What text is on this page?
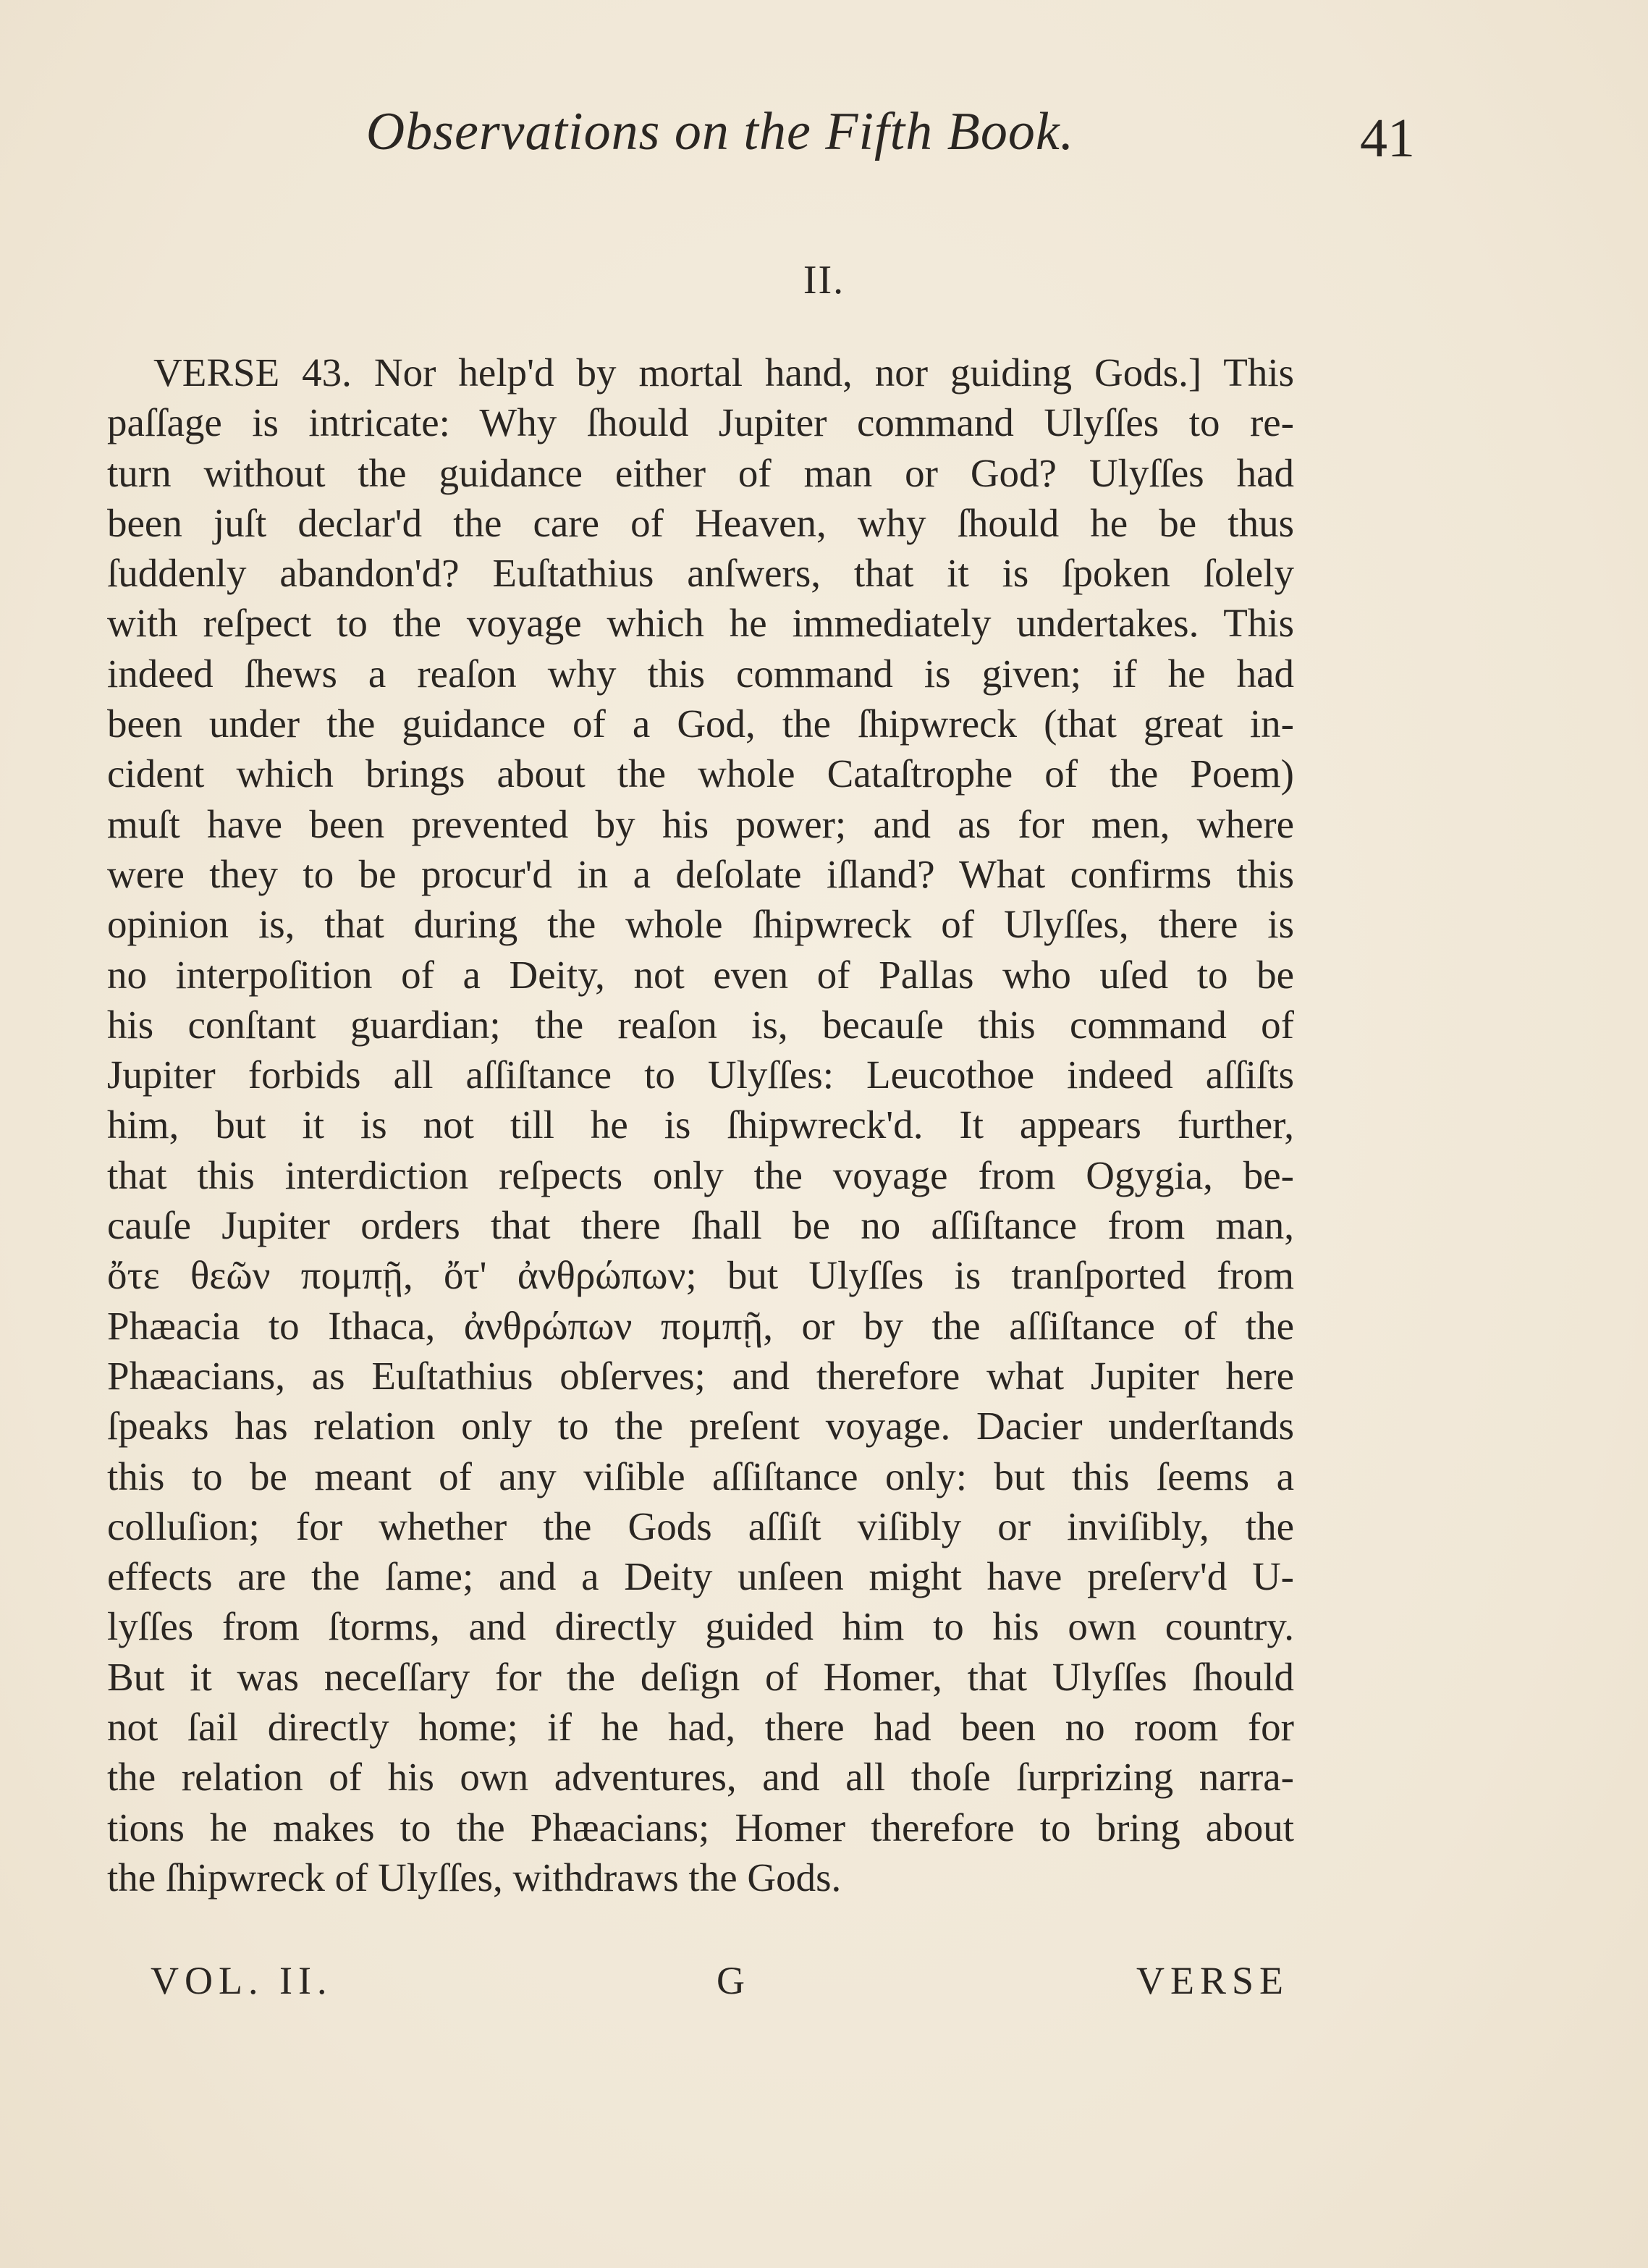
Observations on the Fifth Book.	41
II.
VERSE 43. Nor help'd by mortal hand, nor guiding Gods.] This
paſſage is intricate: Why ſhould Jupiter command Ulyſſes to re-
turn without the guidance either of man or God? Ulyſſes had
been juſt declar'd the care of Heaven, why ſhould he be thus
ſuddenly abandon'd? Euſtathius anſwers, that it is ſpoken ſolely
with reſpect to the voyage which he immediately undertakes. This
indeed ſhews a reaſon why this command is given; if he had
been under the guidance of a God, the ſhipwreck (that great in-
cident which brings about the whole Cataſtrophe of the Poem)
muſt have been prevented by his power; and as for men, where
were they to be procur'd in a deſolate iſland? What confirms this
opinion is, that during the whole ſhipwreck of Ulyſſes, there is
no interpoſition of a Deity, not even of Pallas who uſed to be
his conſtant guardian; the reaſon is, becauſe this command of
Jupiter forbids all aſſiſtance to Ulyſſes: Leucothoe indeed aſſiſts
him, but it is not till he is ſhipwreck'd. It appears further,
that this interdiction reſpects only the voyage from Ogygia, be-
cauſe Jupiter orders that there ſhall be no aſſiſtance from man,
ὄτε θεῶν πομπῇ, ὄτ' ἀνθρώπων; but Ulyſſes is tranſported from
Phæacia to Ithaca, ἀνθρώπων πομπῇ, or by the aſſiſtance of the
Phæacians, as Euſtathius obſerves; and therefore what Jupiter here
ſpeaks has relation only to the preſent voyage. Dacier underſtands
this to be meant of any viſible aſſiſtance only: but this ſeems a
colluſion; for whether the Gods aſſiſt viſibly or inviſibly, the
effects are the ſame; and a Deity unſeen might have preſerv'd U-
lyſſes from ſtorms, and directly guided him to his own country.
But it was neceſſary for the deſign of Homer, that Ulyſſes ſhould
not ſail directly home; if he had, there had been no room for
the relation of his own adventures, and all thoſe ſurprizing narra-
tions he makes to the Phæacians; Homer therefore to bring about
the ſhipwreck of Ulyſſes, withdraws the Gods.
VOL. II.	G	VERSE
